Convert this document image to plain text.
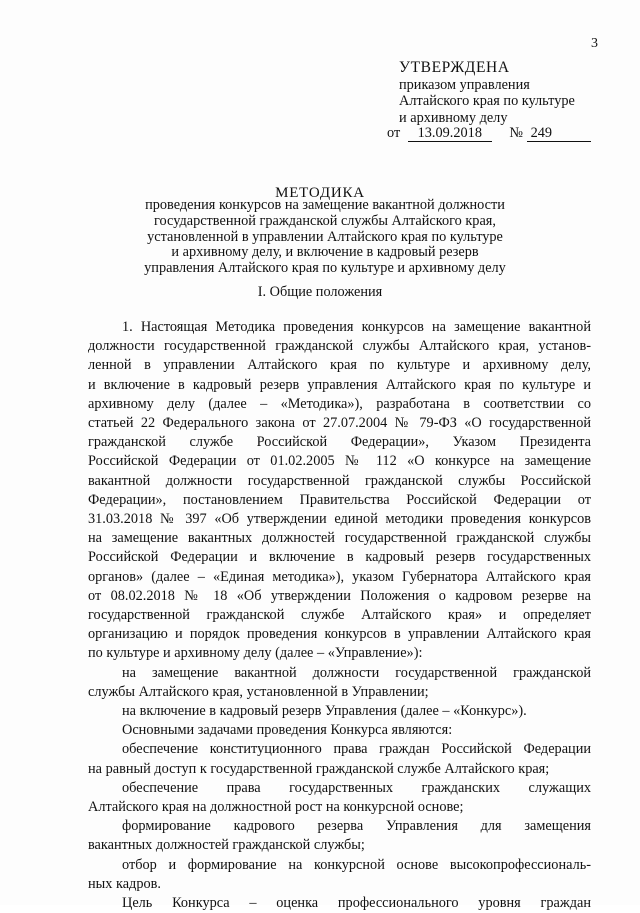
3
УТВЕРЖДЕНА
приказом управления
Алтайского края по культуре
и архивному делу
от 13.09.2018 № 249
МЕТОДИКА
проведения конкурсов на замещение вакантной должности
государственной гражданской службы Алтайского края,
установленной в управлении Алтайского края по культуре
и архивному делу, и включение в кадровый резерв
управления Алтайского края по культуре и архивному делу
I. Общие положения

1. Настоящая Методика проведения конкурсов на замещение вакантной

должности государственной гражданской службы Алтайского края, установ-

ленной в управлении Алтайского края по культуре и архивному делу,

и включение в кадровый резерв управления Алтайского края по культуре и

архивному делу (далее – «Методика»), разработана в соответствии со

статьей 22 Федерального закона от 27.07.2004 № 79-ФЗ «О государственной

гражданской службе Российской Федерации», Указом Президента

Российской Федерации от 01.02.2005 № 112 «О конкурсе на замещение

вакантной должности государственной гражданской службы Российской

Федерации», постановлением Правительства Российской Федерации от

31.03.2018 № 397 «Об утверждении единой методики проведения конкурсов

на замещение вакантных должностей государственной гражданской службы

Российской Федерации и включение в кадровый резерв государственных

органов» (далее – «Единая методика»), указом Губернатора Алтайского края

от 08.02.2018 № 18 «Об утверждении Положения о кадровом резерве на

государственной гражданской службе Алтайского края» и определяет

организацию и порядок проведения конкурсов в управлении Алтайского края

по культуре и архивному делу (далее – «Управление»):

на замещение вакантной должности государственной гражданской

службы Алтайского края, установленной в Управлении;

на включение в кадровый резерв Управления (далее – «Конкурс»).

Основными задачами проведения Конкурса являются:

обеспечение конституционного права граждан Российской Федерации

на равный доступ к государственной гражданской службе Алтайского края;

обеспечение права государственных гражданских служащих

Алтайского края на должностной рост на конкурсной основе;

формирование кадрового резерва Управления для замещения

вакантных должностей гражданской службы;

отбор и формирование на конкурсной основе высокопрофессиональ-

ных кадров.

Цель Конкурса – оценка профессионального уровня граждан
